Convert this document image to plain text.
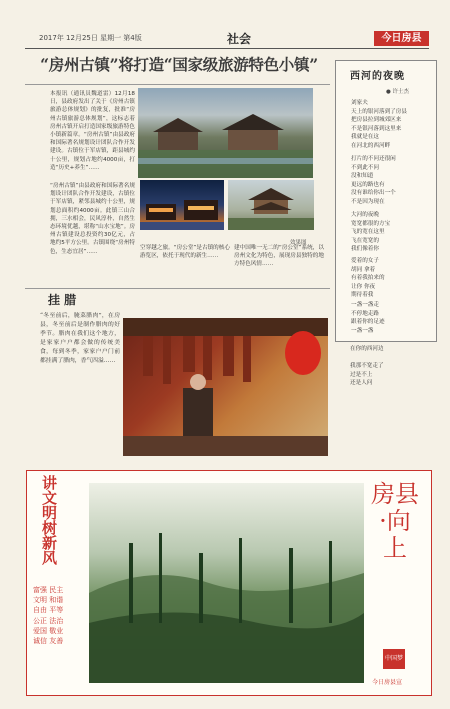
2017年 12月25日 星期一 第4版	社会	今日房县
“房州古镇”将打造“国家级旅游特色小镇”
本报讯（通讯员魏道雷）12月18日，县政府发出了关于《房州古镇旅游总体规划》的批复，批准“房州古镇旅游总体规划”，这标志着房州古镇开启打造国家级旅游特色小镇新篇章。“房州古镇”由县政府和国际著名规划设计团队合作开发建设。古镇位于军店镇，距县城约十公里，规划占地约4000亩，打造“历史+养生”……
“房州古镇”由县政府和国际著名规划设计团队合作开发建设，古镇位于军店镇，紧邻县城约十公里，规划总面积约4000亩。此镇三山合拥，三水相会，民风淳朴，自然生态环境优越，堪称“山水宝地”。房州古镇建设总投资约30亿元，占地约5平方公里。古镇围绕“房州特色，生态宜居”……
效果图
空穿越之旅。“房公堂”是古镇的核心游览区，依托于现代的新生……
建中国唯一无二的“房公堂”系统，以房州文化为特色，展现房县独特的地方特色风情……
挂 腊
“冬至前后，腌菜腊肉”，在房县，冬至前后是制作腊肉的好季节。腊肉在我们这个地方，是家家户户都会做的传统美食，每到冬季，家家户户门前都挂满了腊肉，香气四溢……
西河的夜晚
● 许士杰
刘家夫
天上的银河落到了房县
把房县拉到城郊区来
不是银河落到这里来
我就是在这
在河北的西河畔
打片的不问还很闲
不到此不问
没和知道
更远的路也有
没有谁给你出一个
不是因为现在
大河的夜晚
宽宽都很的方宝
飞的宽在这里
飞在宽宽的
我们像着你
爱着的女子
胡同 拿着
有着我拍来的
让你 你夜
期待着我
一盏一盏走
不停地走路
跟着你的足迹
一盏一盏
在你的西河边
我那不宽走了
过是不上
还是人问
讲文明树新风
富强 民主
文明 和谐
自由 平等
公正 法治
爱国 敬业
诚信 友善
房县·向上
中国梦
今日房县宣
